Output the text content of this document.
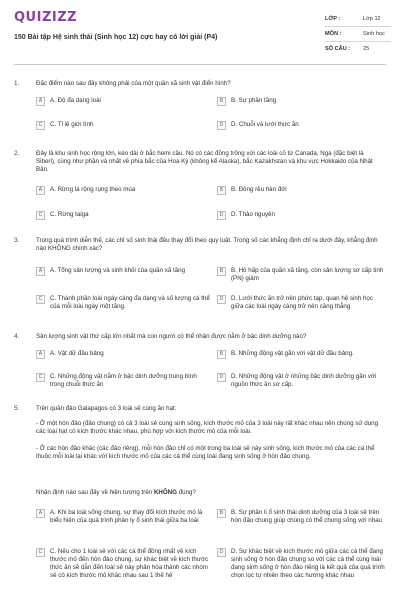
QUIZIZZ
150 Bài tập Hệ sinh thái (Sinh học 12) cực hay có lời giải (P4)
LỚP :	Lớp 12
MÔN :	Sinh học
SỐ CÂU : 25
1.	Đặc điểm nào sau đây không phải của một quần xã sinh vật điển hình?
A	A. Độ đa dạng loài	B	B. Sự phân tầng
C	C. Tỉ lệ giới tính	D	D. Chuỗi và lưới thức ăn
2.	Đây là khu sinh học rộng lớn, kéo dài ở bắc hemi cầu. Nó có các đồng trống với các loài cỏ từ Canada, Nga (đặc biệt là Siberi), cùng như phần và nhất về phía bắc của Hoa Kỳ (không kể Alaska), bắc Kazakhstan và khu vực Hokkaido của Nhật Bản.
A	A. Rừng lá rộng rụng theo mùa	B	B. Đồng rêu hàn đới
C	C. Rừng taiga	D	D. Thảo nguyên
3.	Trong quá trình diễn thế, các chỉ số sinh thái đều thay đổi theo quy luật. Trong số các khẳng định chỉ ra dưới đây, khẳng định nào KHÔNG chính xác?
A	A. Tổng sản lượng và sinh khối của quần xã tăng	B	B. Hô hấp của quần xã tăng, còn sản lượng sơ cấp tinh (PN) giảm
C	C. Thành phần loài ngày càng đa dạng và số lượng cá thể của mỗi loài ngày một tăng.
D	D. Lưới thức ăn trở nên phức tạp, quan hệ sinh học giữa các loài ngày càng trở nên căng thẳng
4.	Sản lượng sinh vật thứ cấp lớn nhất mà con người có thể nhận được nằm ở bậc dinh dưỡng nào?
A	A. Vật dữ đầu bảng	B	B. Những động vật gần với vật dữ đầu bảng.
C	C. Những động vật nằm ở bậc dinh dưỡng trung bình trong chuỗi thức ăn
D	D. Những động vật ở những bậc dinh dưỡng gần với nguồn thức ăn sơ cấp.
5.	Trên quần đảo Galapagos có 3 loài sẻ cùng ăn hạt:
- Ở một hòn đảo (đảo chung) có cả 3 loài sẻ cùng sinh sống, kích thước mỏ của 3 loài này rất khác nhau nên chúng sử dụng các loại hạt có kích thước khác nhau, phù hợp với kích thước mỏ của mỗi loài.
- Ở các hòn đảo khác (các đảo riêng), mỗi hòn đảo chỉ có một trong ba loài sẻ này sinh sống, kích thước mỏ của các cá thể thuộc mỗi loài lại khác với kích thước mỏ của các cá thể cùng loài đang sinh sống ở hòn đảo chung.
Nhận định nào sau đây về hiện tượng trên KHÔNG đúng?
A	A. Khi ba loài sống chung, sự thay đổi kích thước mỏ là biểu hiện của quá trình phân ly ổ sinh thái giữa ba loài
B	B. Sự phân li ổ sinh thái dinh dưỡng của 3 loài sẻ trên hòn đảo chung giúp chúng có thể chung sống với nhau
C	C. Nếu cho 1 loài sẻ với các cá thể đồng nhất về kích thước mỏ đến hòn đảo chung, sự khác biệt về kích thước thức ăn sẽ dẫn đến loài sẻ này phân hóa thành các nhóm sẻ có kích thước mỏ khác nhau sau 1 thế hệ
D	D. Sự khác biệt về kích thước mỏ giữa các cá thể đang sinh sống ở hòn đảo chung so với các cá thể cùng loài đang sinh sống ở hòn đảo riêng là kết quả của quá trình chọn lọc tự nhiên theo các hướng khác nhau
